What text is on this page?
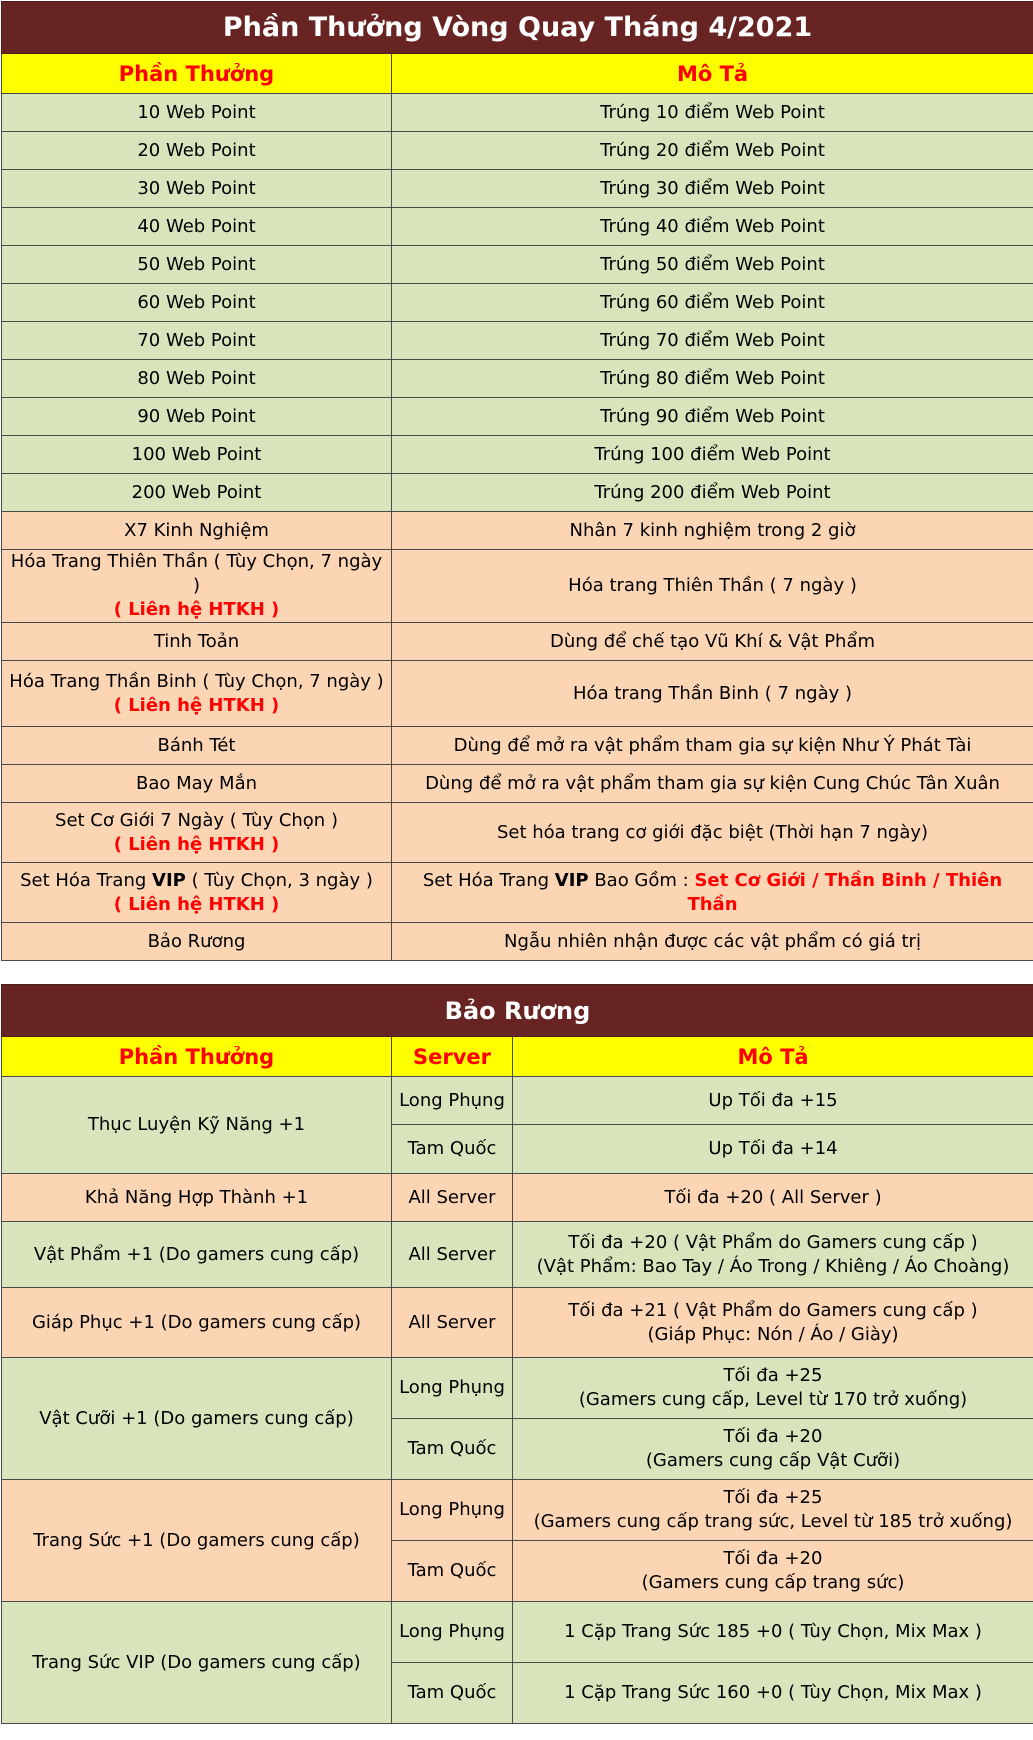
Phần Thưởng Vòng Quay Tháng 4/2021	
Phần Thưởng	Mô Tả
10 Web Point	Trúng 10 điểm Web Point
20 Web Point	Trúng 20 điểm Web Point
30 Web Point	Trúng 30 điểm Web Point
40 Web Point	Trúng 40 điểm Web Point
50 Web Point	Trúng 50 điểm Web Point
60 Web Point	Trúng 60 điểm Web Point
70 Web Point	Trúng 70 điểm Web Point
80 Web Point	Trúng 80 điểm Web Point
90 Web Point	Trúng 90 điểm Web Point
100 Web Point	Trúng 100 điểm Web Point
200 Web Point	Trúng 200 điểm Web Point
X7 Kinh Nghiệm	Nhân 7 kinh nghiệm trong 2 giờ

Hóa Trang Thiên Thần ( Tùy Chọn, 7 ngày )
( Liên hệ HTKH )	Hóa trang Thiên Thần ( 7 ngày )
Tinh Toản	Dùng để chế tạo Vũ Khí & Vật Phẩm

Hóa Trang Thần Binh ( Tùy Chọn, 7 ngày )
( Liên hệ HTKH )	Hóa trang Thần Binh ( 7 ngày )
Bánh Tét	Dùng để mở ra vật phẩm tham gia sự kiện Như Ý Phát Tài
Bao May Mắn	Dùng để mở ra vật phẩm tham gia sự kiện Cung Chúc Tân Xuân

Set Cơ Giới 7 Ngày ( Tùy Chọn )
( Liên hệ HTKH )	Set hóa trang cơ giới đặc biệt (Thời hạn 7 ngày)

Set Hóa Trang VIP ( Tùy Chọn, 3 ngày )
( Liên hệ HTKH )	Set Hóa Trang VIP Bao Gồm : Set Cơ Giới / Thần Binh / Thiên Thần
Bảo Rương	Ngẫu nhiên nhận được các vật phẩm có giá trị
Bảo Rương		
Phần Thưởng	Server	Mô Tả
Thục Luyện Kỹ Năng +1	Long Phụng	Up Tối đa +15
	Tam Quốc	Up Tối đa +14
Khả Năng Hợp Thành +1	All Server	Tối đa +20 ( All Server )
Vật Phẩm +1 (Do gamers cung cấp)	All Server	Tối đa +20 ( Vật Phẩm do Gamers cung cấp )
(Vật Phẩm: Bao Tay / Áo Trong / Khiêng / Áo Choàng)

Giáp Phục +1 (Do gamers cung cấp)	All Server	Tối đa +21 ( Vật Phẩm do Gamers cung cấp )
(Giáp Phục: Nón / Áo / Giày)

Vật Cưỡi +1 (Do gamers cung cấp)	Long Phụng	Tối đa +25
(Gamers cung cấp, Level từ 170 trở xuống)

	Tam Quốc	Tối đa +20
(Gamers cung cấp Vật Cưỡi)

Trang Sức +1 (Do gamers cung cấp)	Long Phụng	Tối đa +25
(Gamers cung cấp trang sức, Level từ 185 trở xuống)

	Tam Quốc	Tối đa +20
(Gamers cung cấp trang sức)

Trang Sức VIP (Do gamers cung cấp)	Long Phụng	1 Cặp Trang Sức 185 +0 ( Tùy Chọn, Mix Max )
	Tam Quốc	1 Cặp Trang Sức 160 +0 ( Tùy Chọn, Mix Max )
